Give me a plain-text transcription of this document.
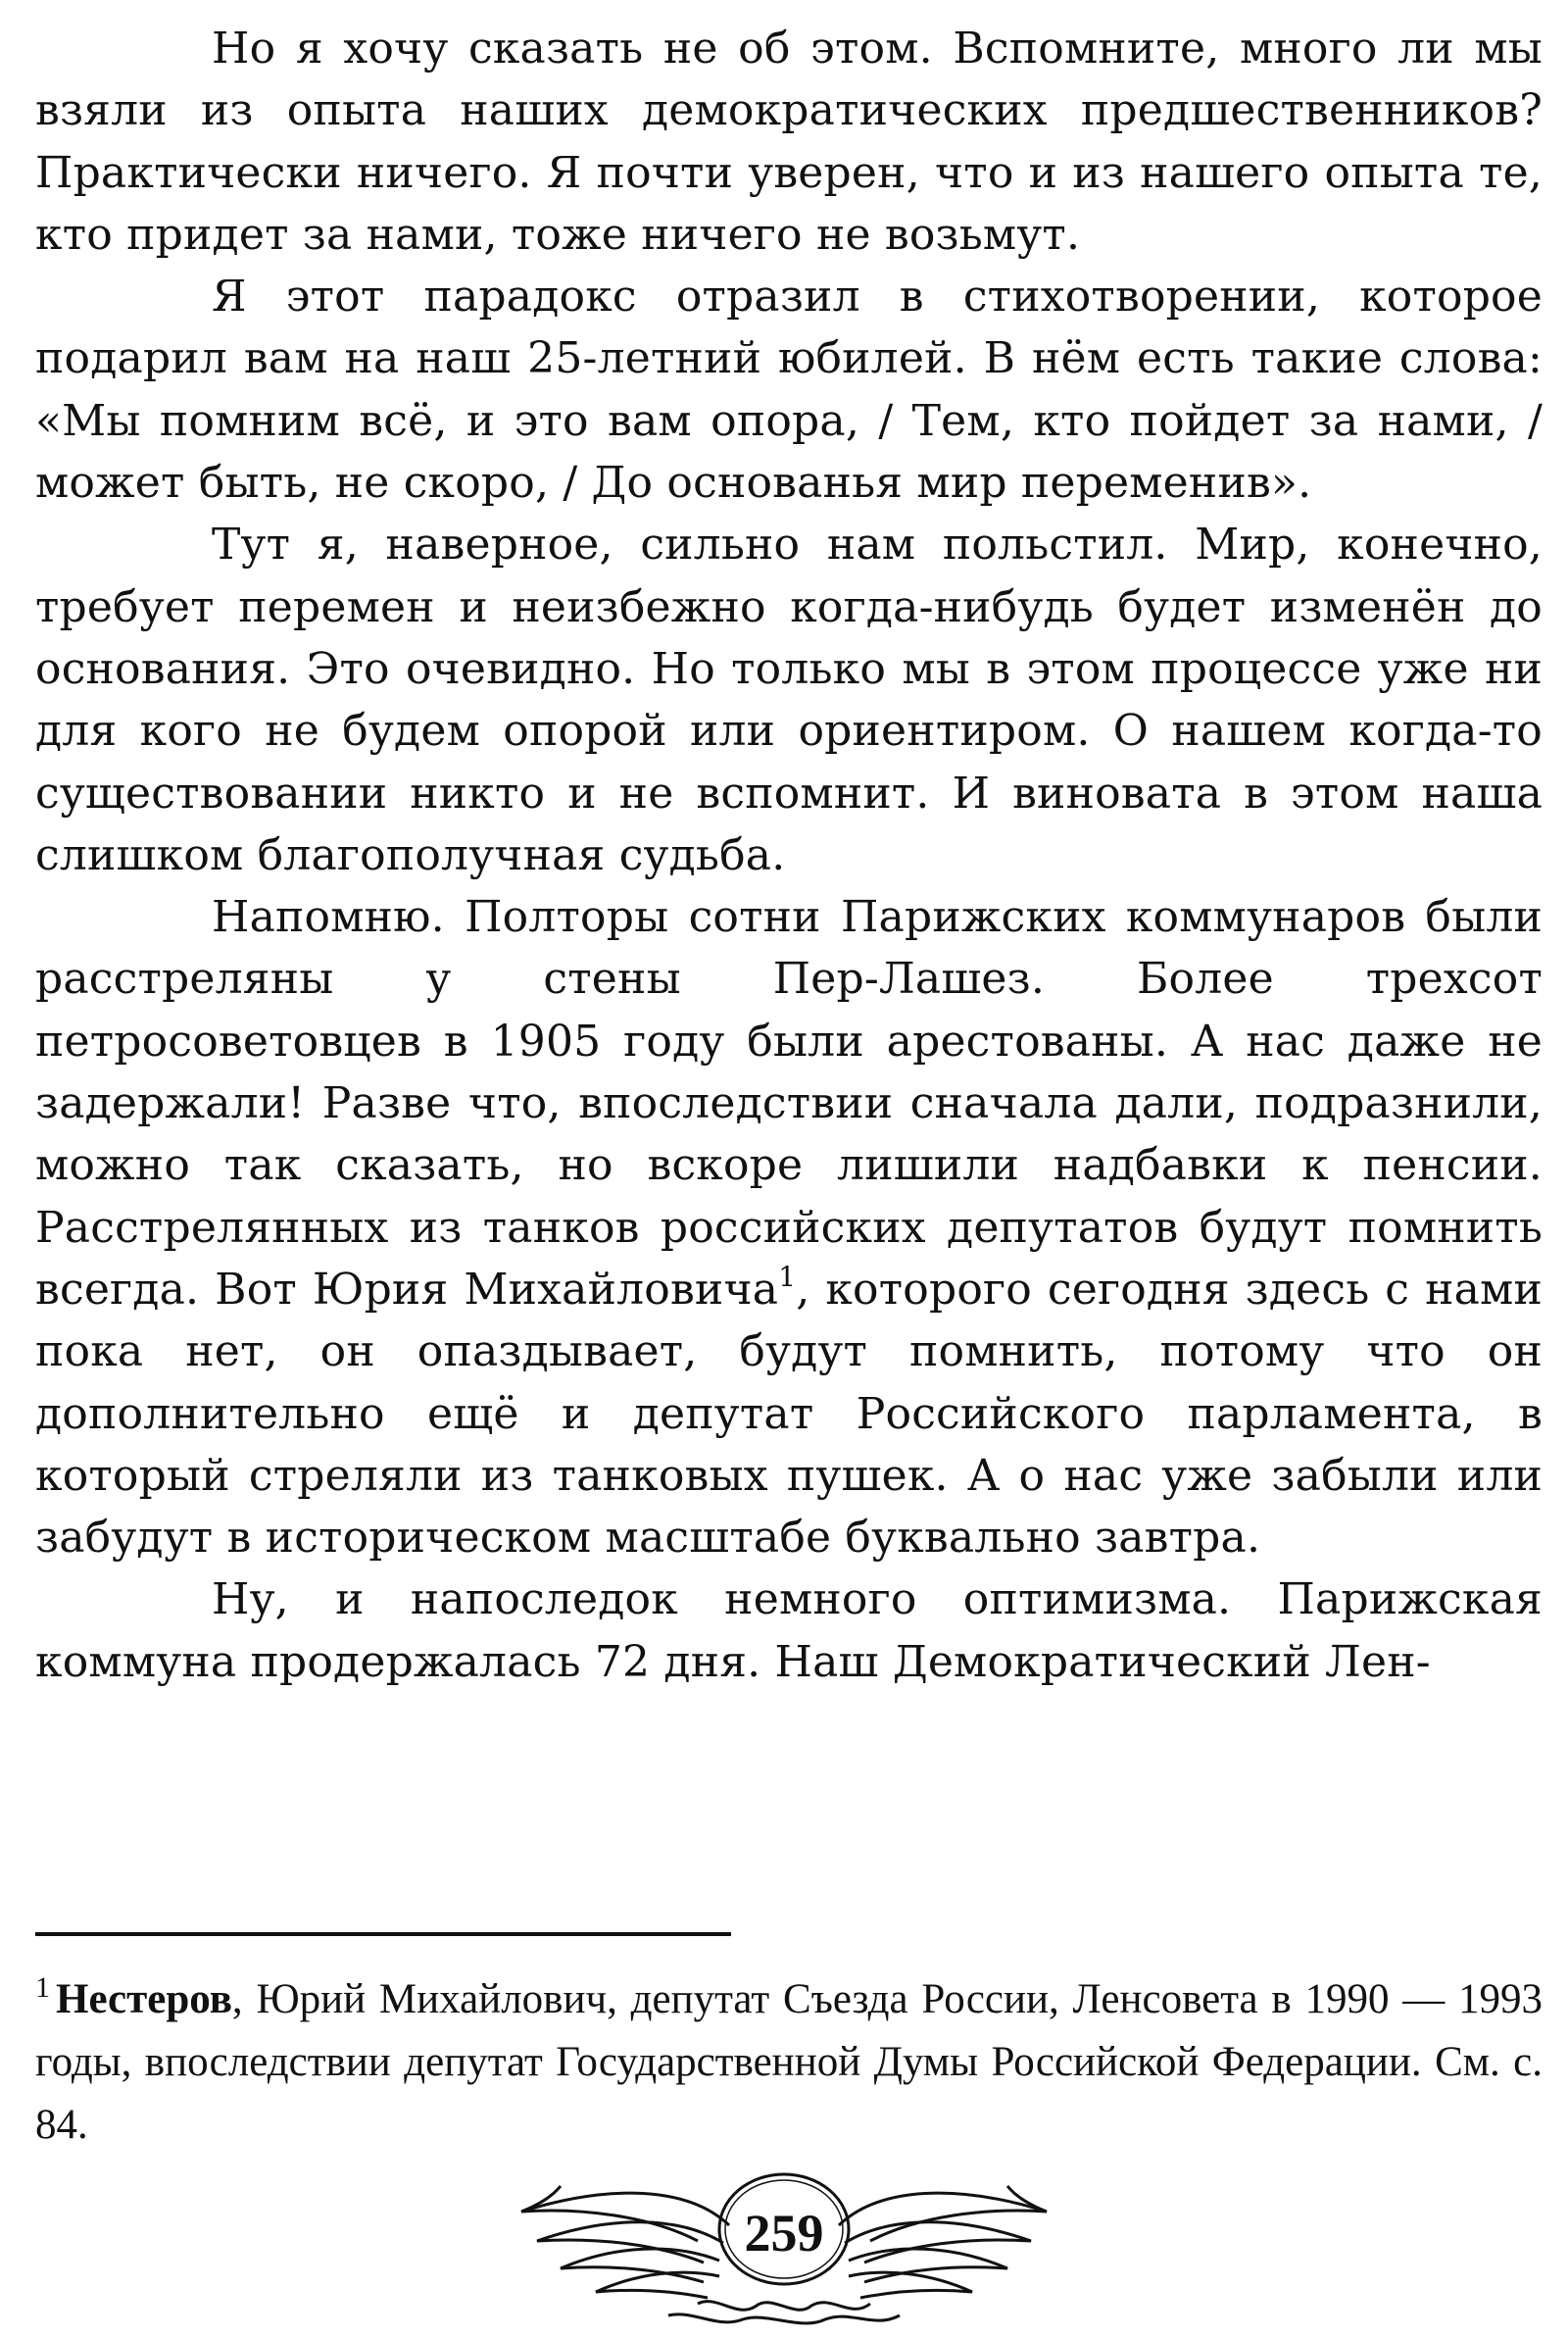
Но я хочу сказать не об этом. Вспомните, много ли мы взяли из опыта наших демократических предшественников? Практически ничего. Я почти уверен, что и из нашего опыта те, кто придет за нами, тоже ничего не возьмут.

Я этот парадокс отразил в стихотворении, которое подарил вам на наш 25-летний юбилей. В нём есть такие слова: «Мы помним всё, и это вам опора, / Тем, кто пойдет за нами, / может быть, не скоро, / До основанья мир переменив».

Тут я, наверное, сильно нам польстил. Мир, конечно, требует перемен и неизбежно когда-нибудь будет изменён до основания. Это очевидно. Но только мы в этом процессе уже ни для кого не будем опорой или ориентиром. О нашем когда-то существовании никто и не вспомнит. И виновата в этом наша слишком благополучная судьба.

Напомню. Полторы сотни Парижских коммунаров были расстреляны у стены Пер-Лашез. Более трехсот петросоветовцев в 1905 году были арестованы. А нас даже не задержали! Разве что, впоследствии сначала дали, подразнили, можно так сказать, но вскоре лишили надбавки к пенсии. Расстрелянных из танков российских депутатов будут помнить всегда. Вот Юрия Михайловича$^1$, которого сегодня здесь с нами пока нет, он опаздывает, будут помнить, потому что он дополнительно ещё и депутат Российского парламента, в который стреляли из танковых пушек. А о нас уже забыли или забудут в историческом масштабе буквально завтра.

Ну, и напоследок немного оптимизма. Парижская коммуна продержалась 72 дня. Наш Демократический Лен-

$^1$ Нестеров, Юрий Михайлович, депутат Съезда России, Ленсовета в 1990 — 1993 годы, впоследствии депутат Государственной Думы Российской Федерации. См. с. 84.

259
